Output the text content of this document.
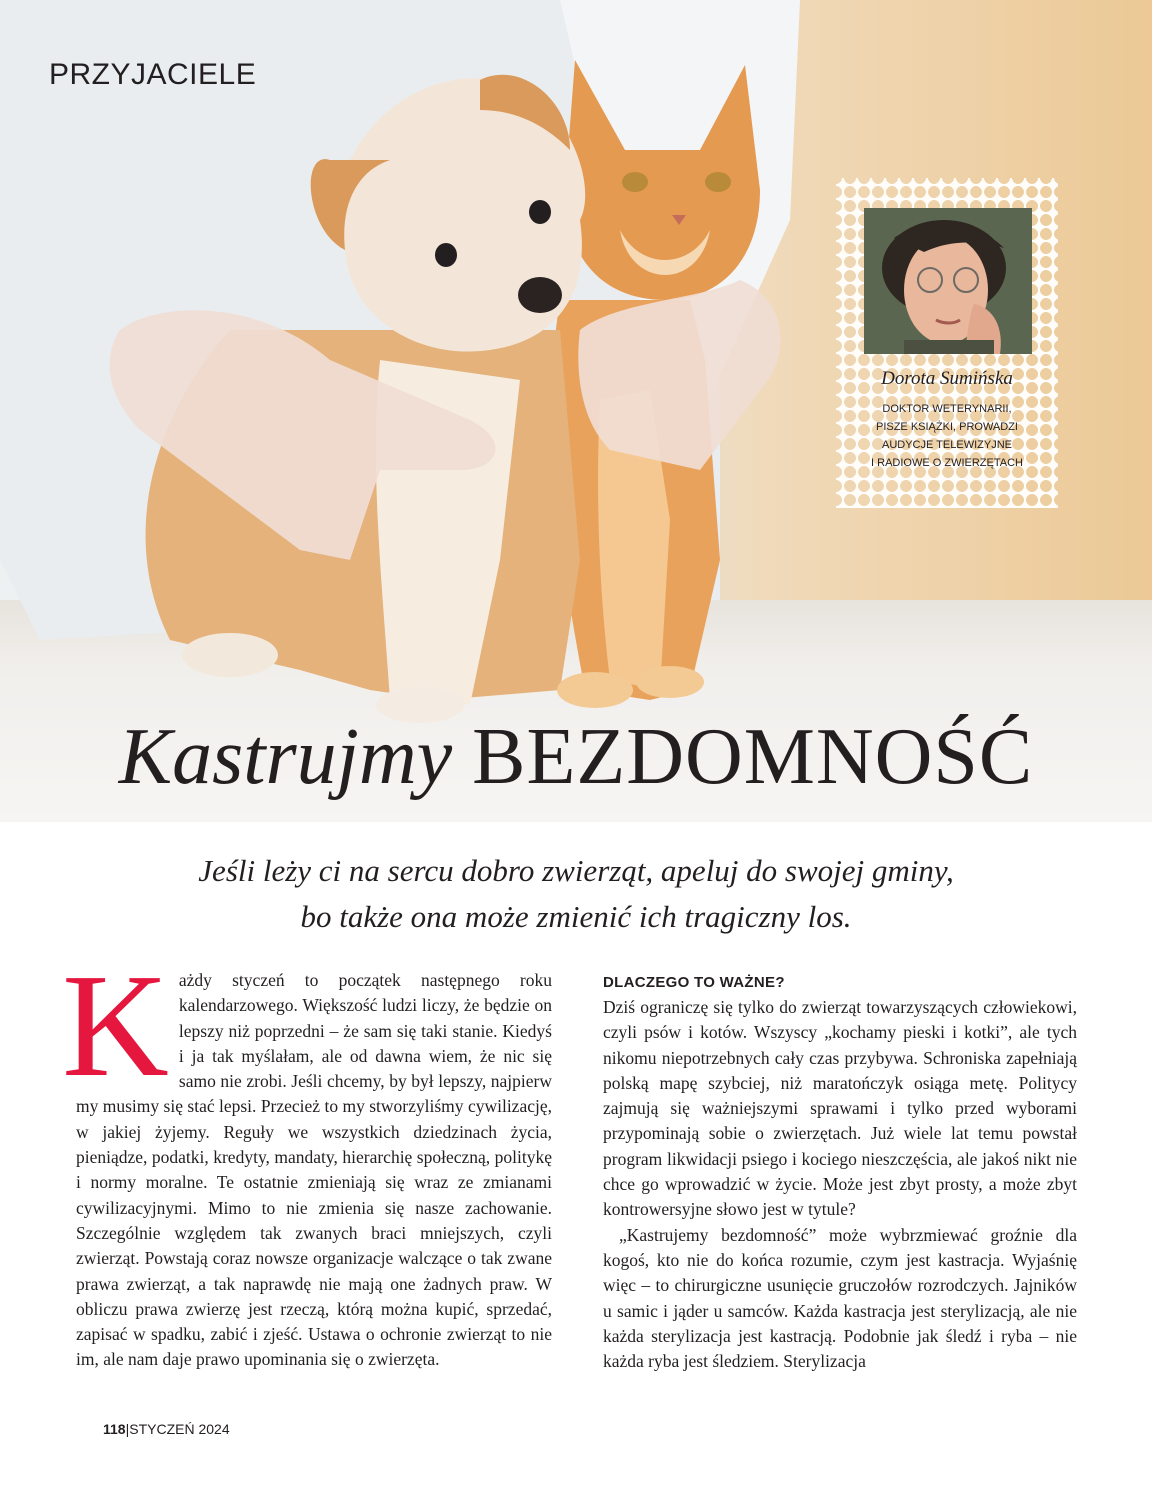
PRZYJACIELE
Kastrujmy BEZDOMNOŚĆ
Dorota Sumińska
DOKTOR WETERYNARII,
PISZE KSIĄŻKI, PROWADZI
AUDYCJE TELEWIZYJNE
I RADIOWE O ZWIERZĘTACH
Jeśli leży ci na sercu dobro zwierząt, apeluj do swojej gminy,
bo także ona może zmienić ich tragiczny los.
K ażdy styczeń to początek następnego roku kalendarzowego. Większość ludzi liczy, że będzie on lepszy niż poprzedni – że sam się taki stanie. Kiedyś i ja tak myślałam, ale od dawna wiem, że nic się samo nie zrobi. Jeśli chcemy, by był lepszy, najpierw my musimy się stać lepsi. Przecież to my stworzyliśmy cywilizację, w jakiej żyjemy. Reguły we wszystkich dziedzinach życia, pieniądze, podatki, kredyty, mandaty, hierarchię społeczną, politykę i normy moralne. Te ostatnie zmieniają się wraz ze zmianami cywilizacyjnymi. Mimo to nie zmienia się nasze zachowanie. Szczególnie względem tak zwanych braci mniejszych, czyli zwierząt. Powstają coraz nowsze organizacje walczące o tak zwane prawa zwierząt, a tak naprawdę nie mają one żadnych praw. W obliczu prawa zwierzę jest rzeczą, którą można kupić, sprzedać, zapisać w spadku, zabić i zjeść. Ustawa o ochronie zwierząt to nie im, ale nam daje prawo upominania się o zwierzęta.

DLACZEGO TO WAŻNE?

Dziś ograniczę się tylko do zwierząt towarzyszących człowiekowi, czyli psów i kotów. Wszyscy „kochamy pieski i kotki”, ale tych nikomu niepotrzebnych cały czas przybywa. Schroniska zapełniają polską mapę szybciej, niż maratończyk osiąga metę. Politycy zajmują się ważniejszymi sprawami i tylko przed wyborami przypominają sobie o zwierzętach. Już wiele lat temu powstał program likwidacji psiego i kociego nieszczęścia, ale jakoś nikt nie chce go wprowadzić w życie. Może jest zbyt prosty, a może zbyt kontrowersyjne słowo jest w tytule?

„Kastrujemy bezdomność” może wybrzmiewać groźnie dla kogoś, kto nie do końca rozumie, czym jest kastracja. Wyjaśnię więc – to chirurgiczne usunięcie gruczołów rozrodczych. Jajników u samic i jąder u samców. Każda kastracja jest sterylizacją, ale nie każda sterylizacja jest kastracją. Podobnie jak śledź i ryba – nie każda ryba jest śledziem. Sterylizacja

118|STYCZEŃ 2024
